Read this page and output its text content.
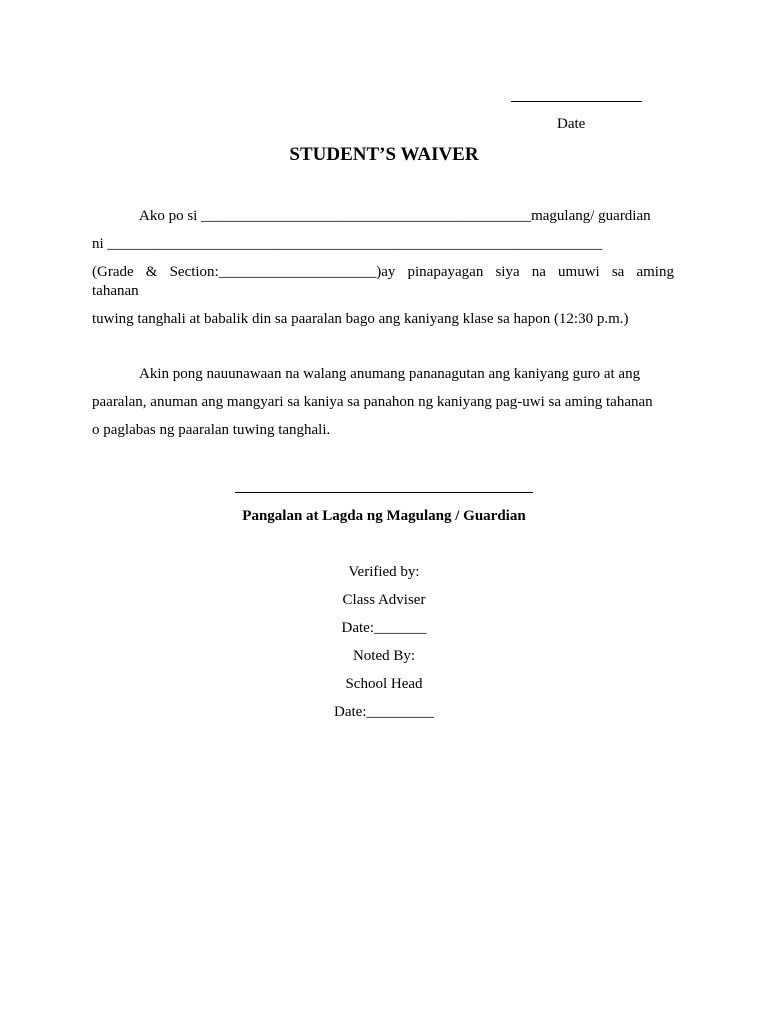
Date
STUDENT’S WAIVER
Ako po si ____________________________________________magulang/ guardian
ni __________________________________________________________________
(Grade & Section:_____________________)ay pinapayagan siya na umuwi sa aming
tahanan
tuwing tanghali at babalik din sa paaralan bago ang kaniyang klase sa hapon (12:30 p.m.)
Akin pong nauunawaan na walang anumang pananagutan ang kaniyang guro at ang
paaralan, anuman ang mangyari sa kaniya sa panahon ng kaniyang pag-uwi sa aming tahanan
o paglabas ng paaralan tuwing tanghali.
Pangalan at Lagda ng Magulang / Guardian
Verified by:
Class Adviser
Date:_______
Noted By:
School Head
Date:_________
